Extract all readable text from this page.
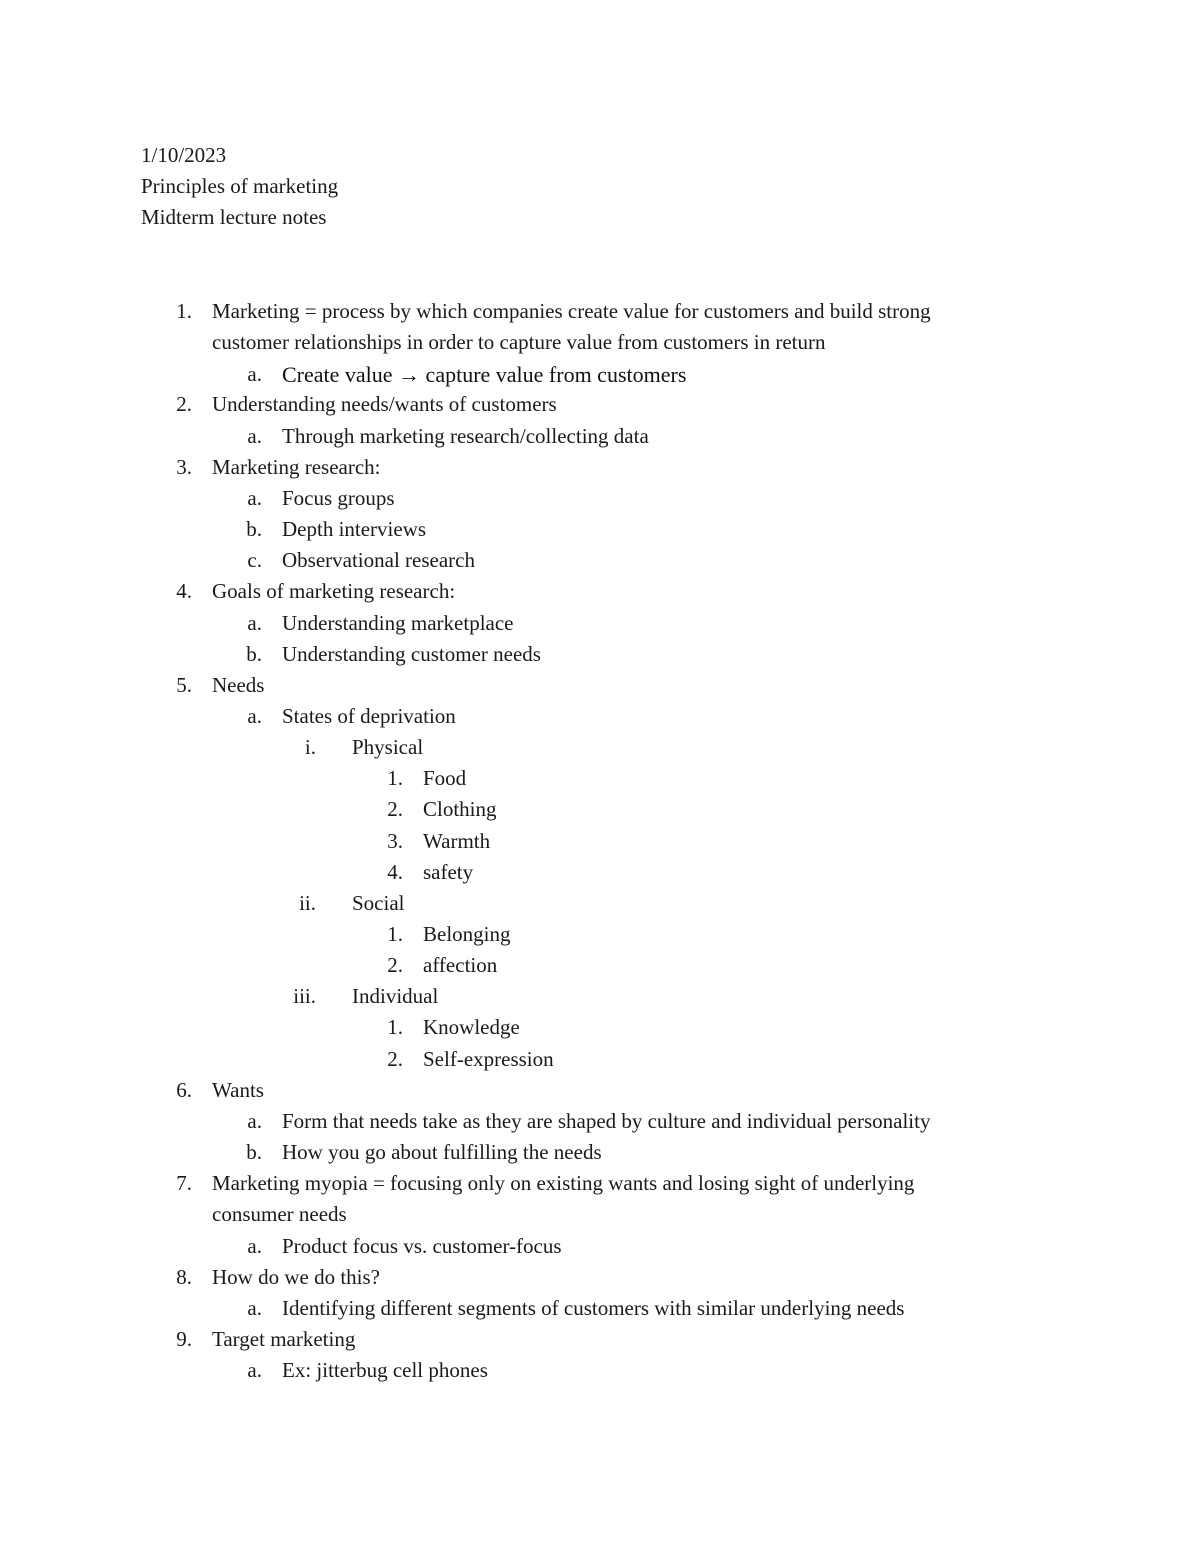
1/10/2023
Principles of marketing
Midterm lecture notes
1. Marketing = process by which companies create value for customers and build strong
customer relationships in order to capture value from customers in return
a. Create value → capture value from customers
2. Understanding needs/wants of customers
a. Through marketing research/collecting data
3. Marketing research:
a. Focus groups
b. Depth interviews
c. Observational research
4. Goals of marketing research:
a. Understanding marketplace
b. Understanding customer needs
5. Needs
a. States of deprivation
i. Physical
1. Food
2. Clothing
3. Warmth
4. safety
ii. Social
1. Belonging
2. affection
iii. Individual
1. Knowledge
2. Self-expression
6. Wants
a. Form that needs take as they are shaped by culture and individual personality
b. How you go about fulfilling the needs
7. Marketing myopia = focusing only on existing wants and losing sight of underlying
consumer needs
a. Product focus vs. customer-focus
8. How do we do this?
a. Identifying different segments of customers with similar underlying needs
9. Target marketing
a. Ex: jitterbug cell phones
